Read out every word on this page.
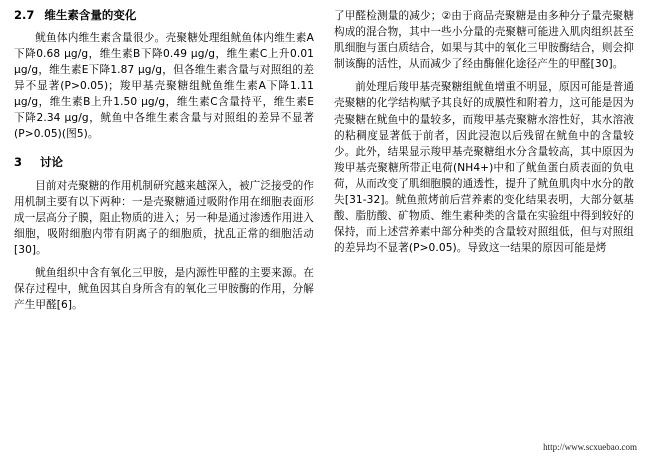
2.7 维生素含量的变化

鱿鱼体内维生素含量很少。壳聚糖处理组鱿鱼体内维生素A下降0.68 µg/g，维生素B下降0.49 µg/g，维生素C上升0.01 µg/g，维生素E下降1.87 µg/g，但各维生素含量与对照组的差异不显著(P>0.05)；羧甲基壳聚糖组鱿鱼维生素A下降1.11 µg/g，维生素B上升1.50 µg/g，维生素C含量持平，维生素E下降2.34 µg/g，鱿鱼中各维生素含量与对照组的差异不显著(P>0.05)(图5)。

3 讨论

目前对壳聚糖的作用机制研究越来越深入，被广泛接受的作用机制主要有以下两种：一是壳聚糖通过吸附作用在细胞表面形成一层高分子膜，阻止物质的进入；另一种是通过渗透作用进入细胞，吸附细胞内带有阴离子的细胞质，扰乱正常的细胞活动[30]。

鱿鱼组织中含有氧化三甲胺，是内源性甲醛的主要来源。在保存过程中，鱿鱼因其自身所含有的氧化三甲胺酶的作用，分解产生甲醛[6]。

了甲醛检测量的减少；②由于商品壳聚糖是由多种分子量壳聚糖构成的混合物，其中一些小分量的壳聚糖可能进入肌肉组织甚至肌细胞与蛋白质结合，如果与其中的氧化三甲胺酶结合，则会抑制该酶的活性，从而减少了经由酶催化途径产生的甲醛[30]。

前处理后羧甲基壳聚糖组鱿鱼增重不明显，原因可能是普通壳聚糖的化学结构赋予其良好的成膜性和附着力，这可能是因为壳聚糖在鱿鱼中的量较多，而羧甲基壳聚糖水溶性好，其水溶液的粘稠度显著低于前者，因此浸泡以后残留在鱿鱼中的含量较少。此外，结果显示羧甲基壳聚糖组水分含量较高，其中原因为羧甲基壳聚糖所带正电荷(NH4+)中和了鱿鱼蛋白质表面的负电荷，从而改变了肌细胞膜的通透性，提升了鱿鱼肌肉中水分的散失[31-32]。鱿鱼煎烤前后营养素的变化结果表明，大部分氨基酸、脂肪酸、矿物质、维生素种类的含量在实验组中得到较好的保持，而上述营养素中部分种类的含量较对照组低，但与对照组的差异均不显著(P>0.05)。导致这一结果的原因可能是烤

http://www.scxuebao.com
